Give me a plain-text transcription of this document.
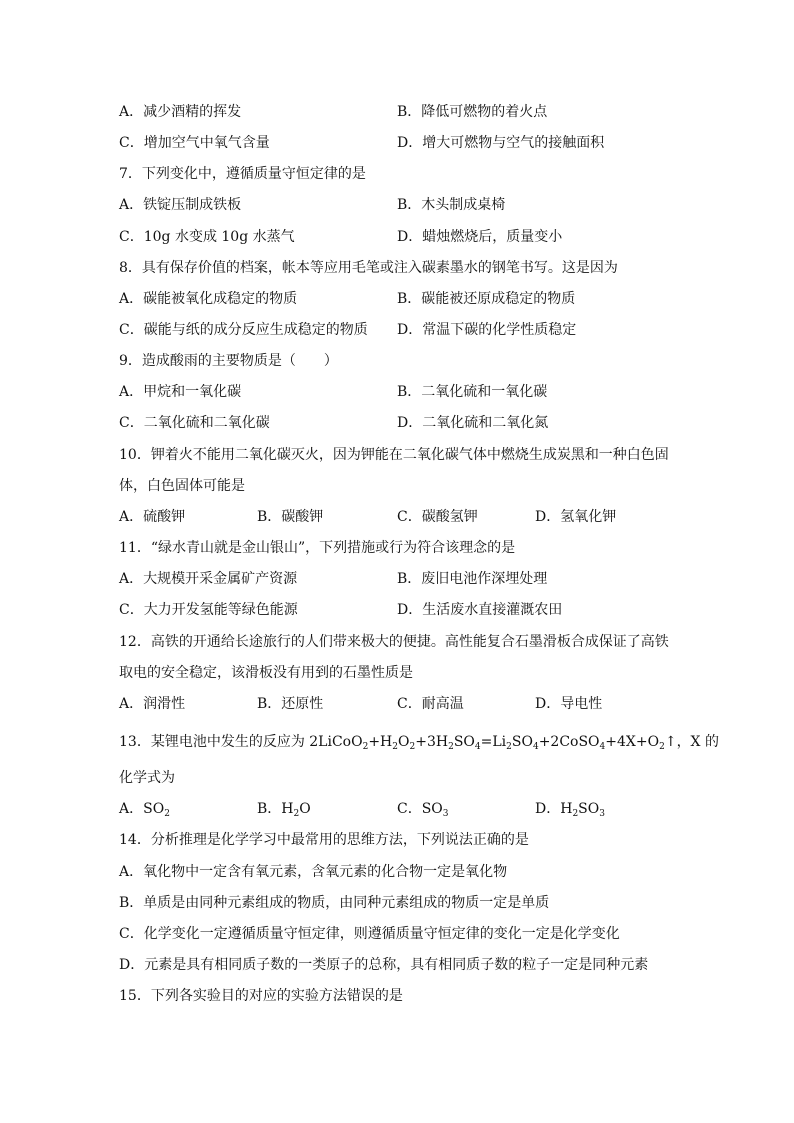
A．减少酒精的挥发	B．降低可燃物的着火点
C．增加空气中氧气含量	D．增大可燃物与空气的接触面积
7．下列变化中，遵循质量守恒定律的是
A．铁锭压制成铁板	B．木头制成桌椅
C．10g 水变成 10g 水蒸气	D．蜡烛燃烧后，质量变小
8．具有保存价值的档案，帐本等应用毛笔或注入碳素墨水的钢笔书写。这是因为
A．碳能被氧化成稳定的物质	B．碳能被还原成稳定的物质
C．碳能与纸的成分反应生成稳定的物质 D．常温下碳的化学性质稳定
9．造成酸雨的主要物质是（　　）
A．甲烷和一氧化碳	B．二氧化硫和一氧化碳
C．二氧化硫和二氧化碳	D．二氧化硫和二氧化氮
10．钾着火不能用二氧化碳灭火，因为钾能在二氧化碳气体中燃烧生成炭黑和一种白色固
体，白色固体可能是
A．硫酸钾	B．碳酸钾	C．碳酸氢钾	D．氢氧化钾
11．“绿水青山就是金山银山”，下列措施或行为符合该理念的是
A．大规模开采金属矿产资源	B．废旧电池作深埋处理
C．大力开发氢能等绿色能源	D．生活废水直接灌溉农田
12．高铁的开通给长途旅行的人们带来极大的便捷。高性能复合石墨滑板合成保证了高铁
取电的安全稳定，该滑板没有用到的石墨性质是
A．润滑性	B．还原性	C．耐高温	D．导电性
13．某锂电池中发生的反应为 $2LiCoO_2+H_2O_2+3H_2SO_4=Li_2SO_4+2CoSO_4+4X+O_2↑$，X 的
化学式为
A．$SO_2$	B．$H_2O$	C．$SO_3$	D．$H_2SO_3$
14．分析推理是化学学习中最常用的思维方法，下列说法正确的是
A．氧化物中一定含有氧元素，含氧元素的化合物一定是氧化物
B．单质是由同种元素组成的物质，由同种元素组成的物质一定是单质
C．化学变化一定遵循质量守恒定律，则遵循质量守恒定律的变化一定是化学变化
D．元素是具有相同质子数的一类原子的总称，具有相同质子数的粒子一定是同种元素
15．下列各实验目的对应的实验方法错误的是
